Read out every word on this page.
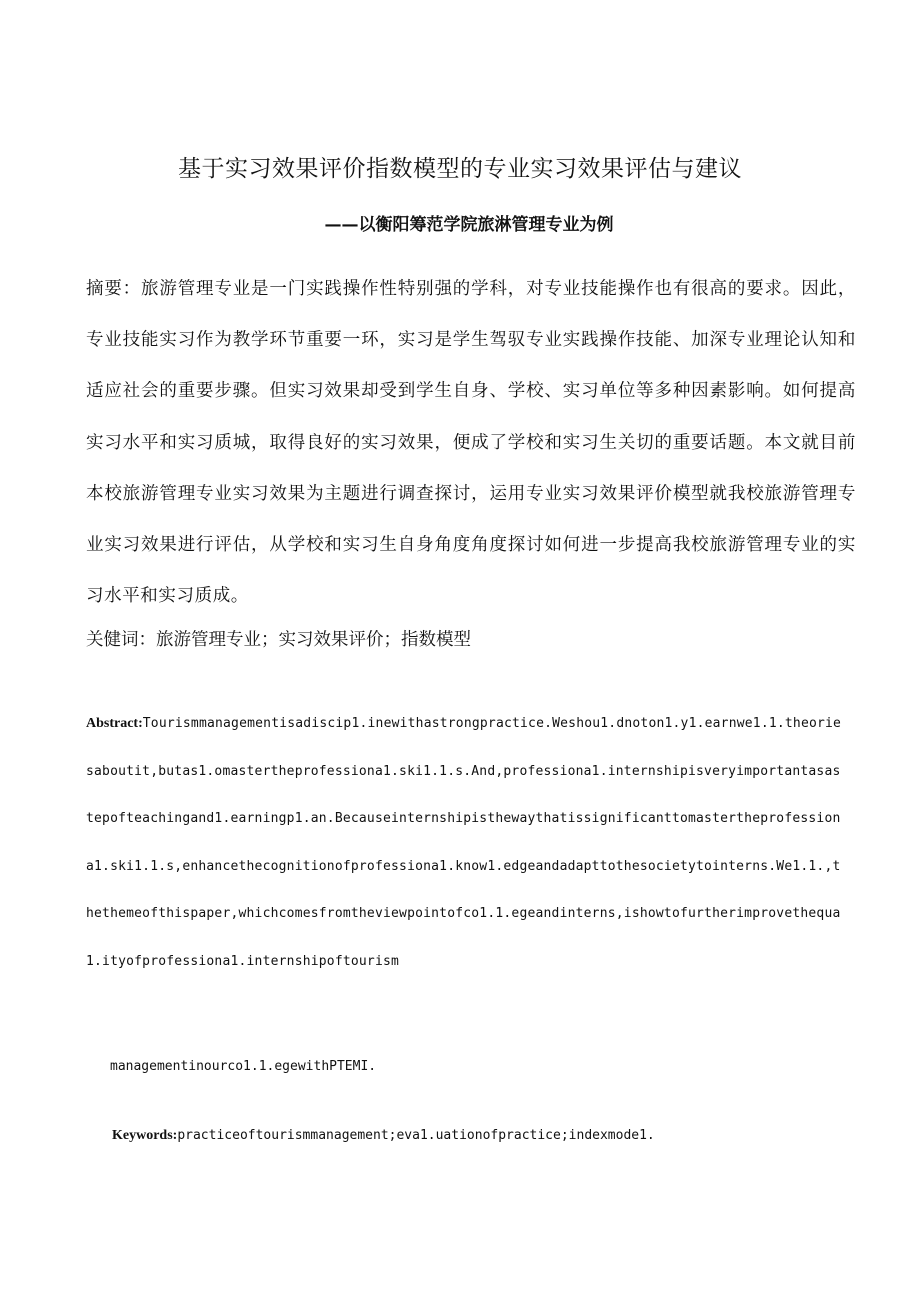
基于实习效果评价指数模型的专业实习效果评估与建议
——以衡阳筹范学院旅淋管理专业为例
摘要：旅游管理专业是一门实践操作性特别强的学科，对专业技能操作也有很高的要求。因此，专业技能实习作为教学环节重要一环，实习是学生驾驭专业实践操作技能、加深专业理论认知和适应社会的重要步骤。但实习效果却受到学生自身、学校、实习单位等多种因素影响。如何提高实习水平和实习质城，取得良好的实习效果，便成了学校和实习生关切的重要话题。本文就目前本校旅游管理专业实习效果为主题进行调查探讨，运用专业实习效果评价模型就我校旅游管理专业实习效果进行评估，从学校和实习生自身角度角度探讨如何进一步提高我校旅游管理专业的实习水平和实习质成。
关健词：旅游管理专业；实习效果评价；指数模型
Abstract:Tourismmanagementisadiscip1.inewithastrongpractice.Weshou1.dnoton1.y1.earnwe1.1.theoriesaboutit,butas1.omastertheprofessiona1.ski1.1.s.And,professiona1.internshipisveryimportantasastepofteachingand1.earningp1.an.Becauseinternshipisthewaythatissignificanttomastertheprofessiona1.ski1.1.s,enhancethecognitionofprofessiona1.know1.edgeandadapttothesocietytointerns.We1.1.,thethemeofthispaper,whichcomesfromtheviewpointofco1.1.egeandinterns,ishowtofurtherimprovethequa1.ityofprofessiona1.internshipoftourism
managementinourco1.1.egewithPTEMI.
Keywords:practiceoftourismmanagement;eva1.uationofpractice;indexmode1.
